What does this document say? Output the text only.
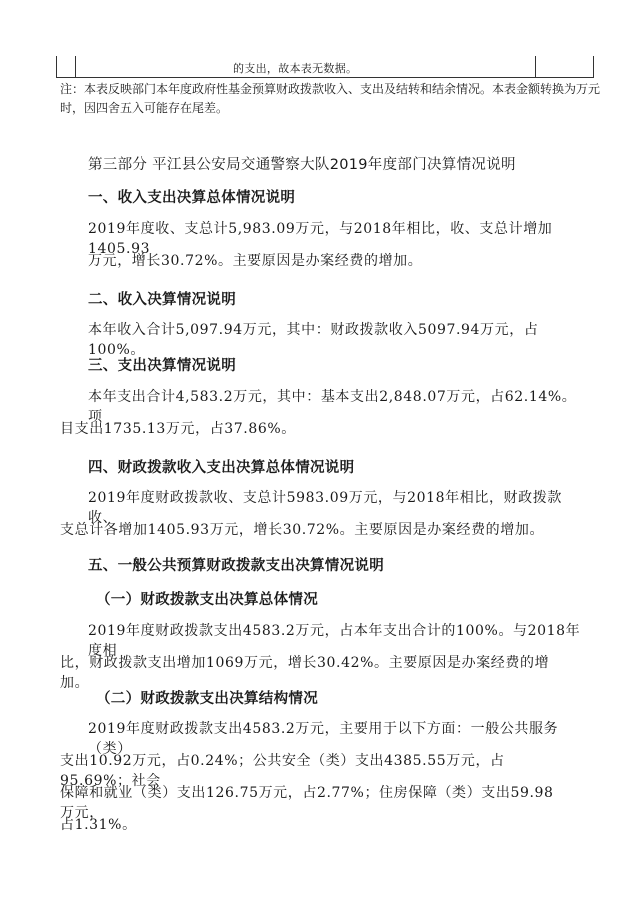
的支出，故本表无数据。
注：本表反映部门本年度政府性基金预算财政拨款收入、支出及结转和结余情况。本表金额转换为万元
时，因四舍五入可能存在尾差。
第三部分 平江县公安局交通警察大队2019年度部门决算情况说明
一、收入支出决算总体情况说明
2019年度收、支总计5,983.09万元，与2018年相比，收、支总计增加1405.93
万元，增长30.72%。主要原因是办案经费的增加。
二、收入决算情况说明
本年收入合计5,097.94万元，其中：财政拨款收入5097.94万元，占100%。
三、支出决算情况说明
本年支出合计4,583.2万元，其中：基本支出2,848.07万元，占62.14%。项
目支出1735.13万元，占37.86%。
四、财政拨款收入支出决算总体情况说明
2019年度财政拨款收、支总计5983.09万元，与2018年相比，财政拨款收、
支总计各增加1405.93万元，增长30.72%。主要原因是办案经费的增加。
五、一般公共预算财政拨款支出决算情况说明
（一）财政拨款支出决算总体情况
2019年度财政拨款支出4583.2万元，占本年支出合计的100%。与2018年度相
比，财政拨款支出增加1069万元，增长30.42%。主要原因是办案经费的增加。
（二）财政拨款支出决算结构情况
2019年度财政拨款支出4583.2万元，主要用于以下方面：一般公共服务（类）
支出10.92万元，占0.24%；公共安全（类）支出4385.55万元，占95.69%；社会
保障和就业（类）支出126.75万元，占2.77%；住房保障（类）支出59.98万元，
占1.31%。
